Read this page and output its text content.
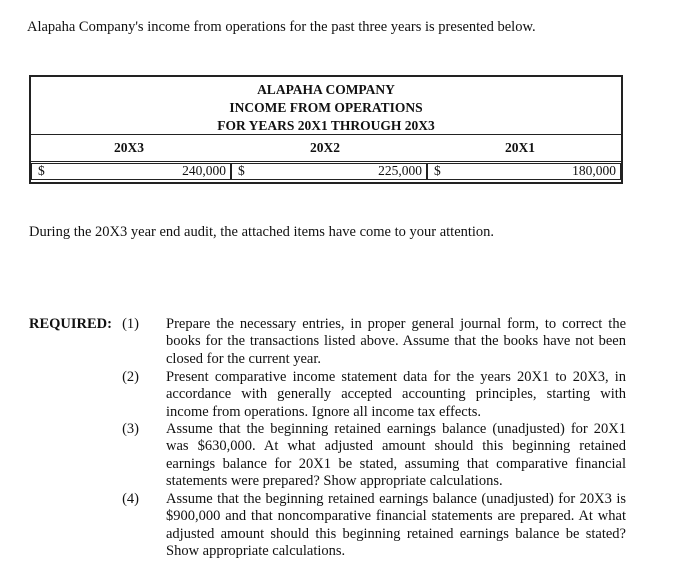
Alapaha Company's income from operations for the past three years is presented below.

ALAPAHA COMPANY
INCOME FROM OPERATIONS
FOR YEARS 20X1 THROUGH 20X3
20X3	20X2	20X1
$	240,000 $	225,000 $	180,000

During the 20X3 year end audit, the attached items have come to your attention.

REQUIRED: (1) Prepare the necessary entries, in proper general journal form, to correct the books for the transactions listed above. Assume that the books have not been closed for the current year.

(2) Present comparative income statement data for the years 20X1 to 20X3, in accordance with generally accepted accounting principles, starting with income from operations. Ignore all income tax effects.

(3) Assume that the beginning retained earnings balance (unadjusted) for 20X1 was $630,000. At what adjusted amount should this beginning retained earnings balance for 20X1 be stated, assuming that comparative financial statements were prepared? Show appropriate calculations.

(4) Assume that the beginning retained earnings balance (unadjusted) for 20X3 is $900,000 and that noncomparative financial statements are prepared. At what adjusted amount should this beginning retained earnings balance be stated? Show appropriate calculations.
